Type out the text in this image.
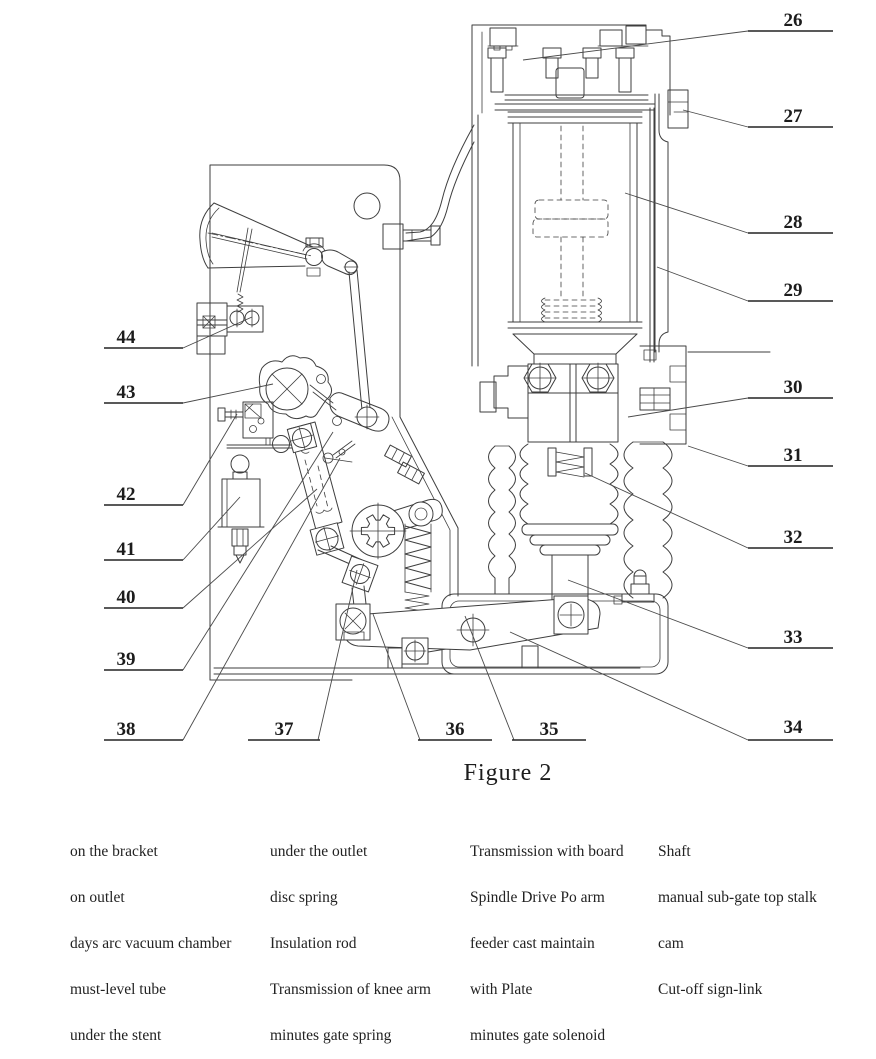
26
27
28
29
30
31
32
33
34
44
43
42
41
40
39
38	37	36	35
Figure 2
on the bracket	under the outlet	Transmission with board	Shaft
on outlet	disc spring	Spindle Drive Po arm	manual sub-gate top stalk
days arc vacuum chamber	Insulation rod	feeder cast maintain	cam
must-level tube	Transmission of knee arm	with Plate	Cut-off sign-link
under the stent	minutes gate spring	minutes gate solenoid
